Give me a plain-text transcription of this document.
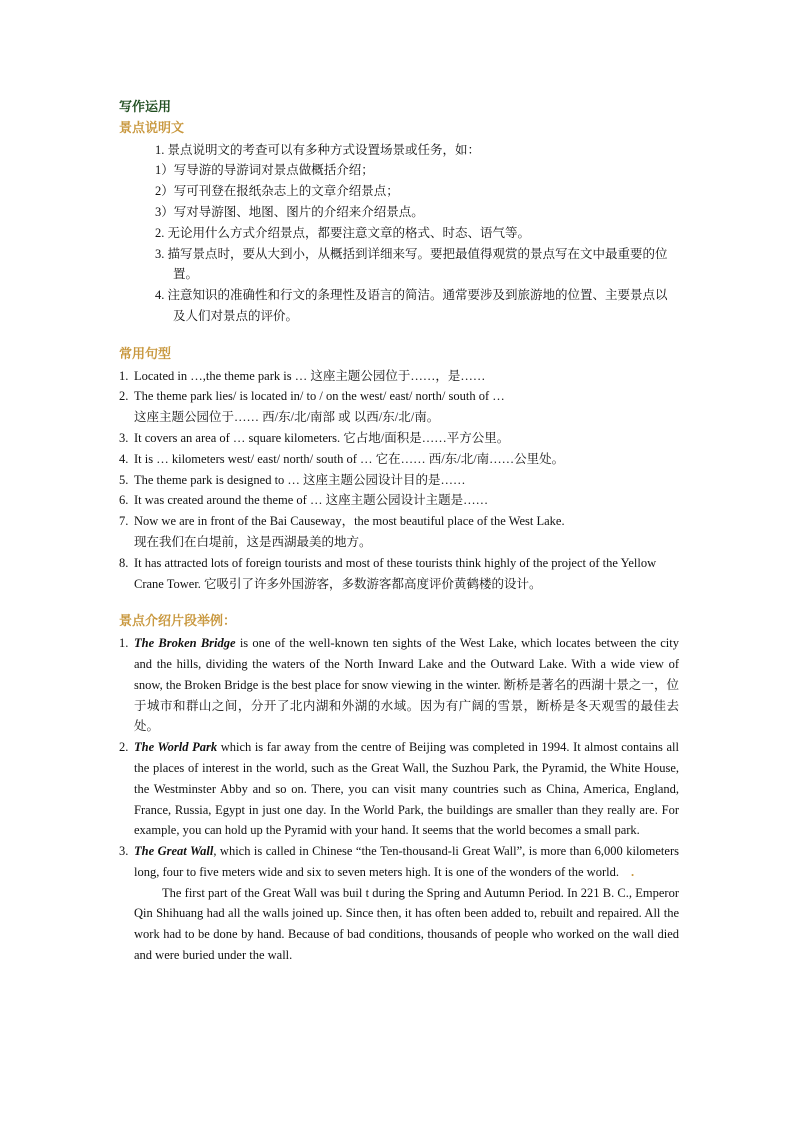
写作运用
景点说明文
1. 景点说明文的考查可以有多种方式设置场景或任务，如：
1）写导游的导游词对景点做概括介绍；
2）写可刊登在报纸杂志上的文章介绍景点；
3）写对导游图、地图、图片的介绍来介绍景点。
2. 无论用什么方式介绍景点，都要注意文章的格式、时态、语气等。
3. 描写景点时，要从大到小，从概括到详细来写。要把最值得观赏的景点写在文中最重要的位置。
4. 注意知识的准确性和行文的条理性及语言的简洁。通常要涉及到旅游地的位置、主要景点以及人们对景点的评价。
常用句型
1. Located in …,the theme park is … 这座主题公园位于……，是……
2. The theme park lies/ is located in/ to / on the west/ east/ north/ south of …
这座主题公园位于…… 西/东/北/南部 或 以西/东/北/南。
3. It covers an area of … square kilometers. 它占地/面积是……平方公里。
4. It is … kilometers west/ east/ north/ south of … 它在…… 西/东/北/南……公里处。
5. The theme park is designed to … 这座主题公园设计目的是……
6. It was created around the theme of … 这座主题公园设计主题是……
7. Now we are in front of the Bai Causeway，the most beautiful place of the West Lake.
现在我们在白堤前，这是西湖最美的地方。
8. It has attracted lots of foreign tourists and most of these tourists think highly of the project of the Yellow Crane Tower. 它吸引了许多外国游客，多数游客都高度评价黄鹤楼的设计。
景点介绍片段举例：
1. The Broken Bridge is one of the well-known ten sights of the West Lake, which locates between the city and the hills, dividing the waters of the North Inward Lake and the Outward Lake. With a wide view of snow, the Broken Bridge is the best place for snow viewing in the winter. 断桥是著名的西湖十景之一，位于城市和群山之间，分开了北内湖和外湖的水域。因为有广阔的雪景，断桥是冬天观雪的最佳去处。
2. The World Park which is far away from the centre of Beijing was completed in 1994. It almost contains all the places of interest in the world, such as the Great Wall, the Suzhou Park, the Pyramid, the White House, the Westminster Abby and so on. There, you can visit many countries such as China, America, England, France, Russia, Egypt in just one day. In the World Park, the buildings are smaller than they really are. For example, you can hold up the Pyramid with your hand. It seems that the world becomes a small park.
3. The Great Wall, which is called in Chinese “the Ten-thousand-li Great Wall”, is more than 6,000 kilometers long, four to five meters wide and six to seven meters high. It is one of the wonders of the world. .
The first part of the Great Wall was buil t during the Spring and Autumn Period. In 221 B. C., Emperor Qin Shihuang had all the walls joined up. Since then, it has often been added to, rebuilt and repaired. All the work had to be done by hand. Because of bad conditions, thousands of people who worked on the wall died and were buried under the wall.
